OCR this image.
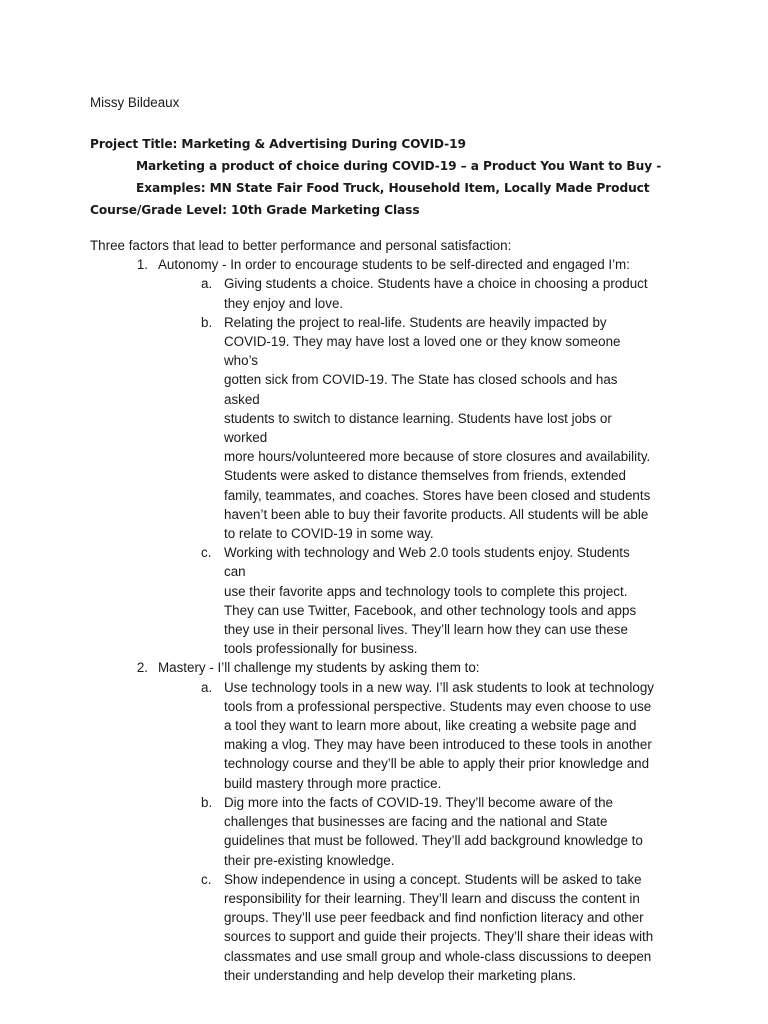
Missy Bildeaux
Project Title: Marketing & Advertising During COVID-19
Marketing a product of choice during COVID-19 – a Product You Want to Buy -
Examples: MN State Fair Food Truck, Household Item, Locally Made Product
Course/Grade Level: 10th Grade Marketing Class
Three factors that lead to better performance and personal satisfaction:
1. Autonomy - In order to encourage students to be self-directed and engaged I’m:
a. Giving students a choice. Students have a choice in choosing a product
they enjoy and love.
b. Relating the project to real-life. Students are heavily impacted by
COVID-19. They may have lost a loved one or they know someone who’s
gotten sick from COVID-19. The State has closed schools and has asked
students to switch to distance learning. Students have lost jobs or worked
more hours/volunteered more because of store closures and availability.
Students were asked to distance themselves from friends, extended
family, teammates, and coaches. Stores have been closed and students
haven’t been able to buy their favorite products. All students will be able
to relate to COVID-19 in some way.
c. Working with technology and Web 2.0 tools students enjoy. Students can
use their favorite apps and technology tools to complete this project.
They can use Twitter, Facebook, and other technology tools and apps
they use in their personal lives. They’ll learn how they can use these
tools professionally for business.
2. Mastery - I’ll challenge my students by asking them to:
a. Use technology tools in a new way. I’ll ask students to look at technology
tools from a professional perspective. Students may even choose to use
a tool they want to learn more about, like creating a website page and
making a vlog. They may have been introduced to these tools in another
technology course and they’ll be able to apply their prior knowledge and
build mastery through more practice.
b. Dig more into the facts of COVID-19. They’ll become aware of the
challenges that businesses are facing and the national and State
guidelines that must be followed. They’ll add background knowledge to
their pre-existing knowledge.
c. Show independence in using a concept. Students will be asked to take
responsibility for their learning. They’ll learn and discuss the content in
groups. They’ll use peer feedback and find nonfiction literacy and other
sources to support and guide their projects. They’ll share their ideas with
classmates and use small group and whole-class discussions to deepen
their understanding and help develop their marketing plans.
